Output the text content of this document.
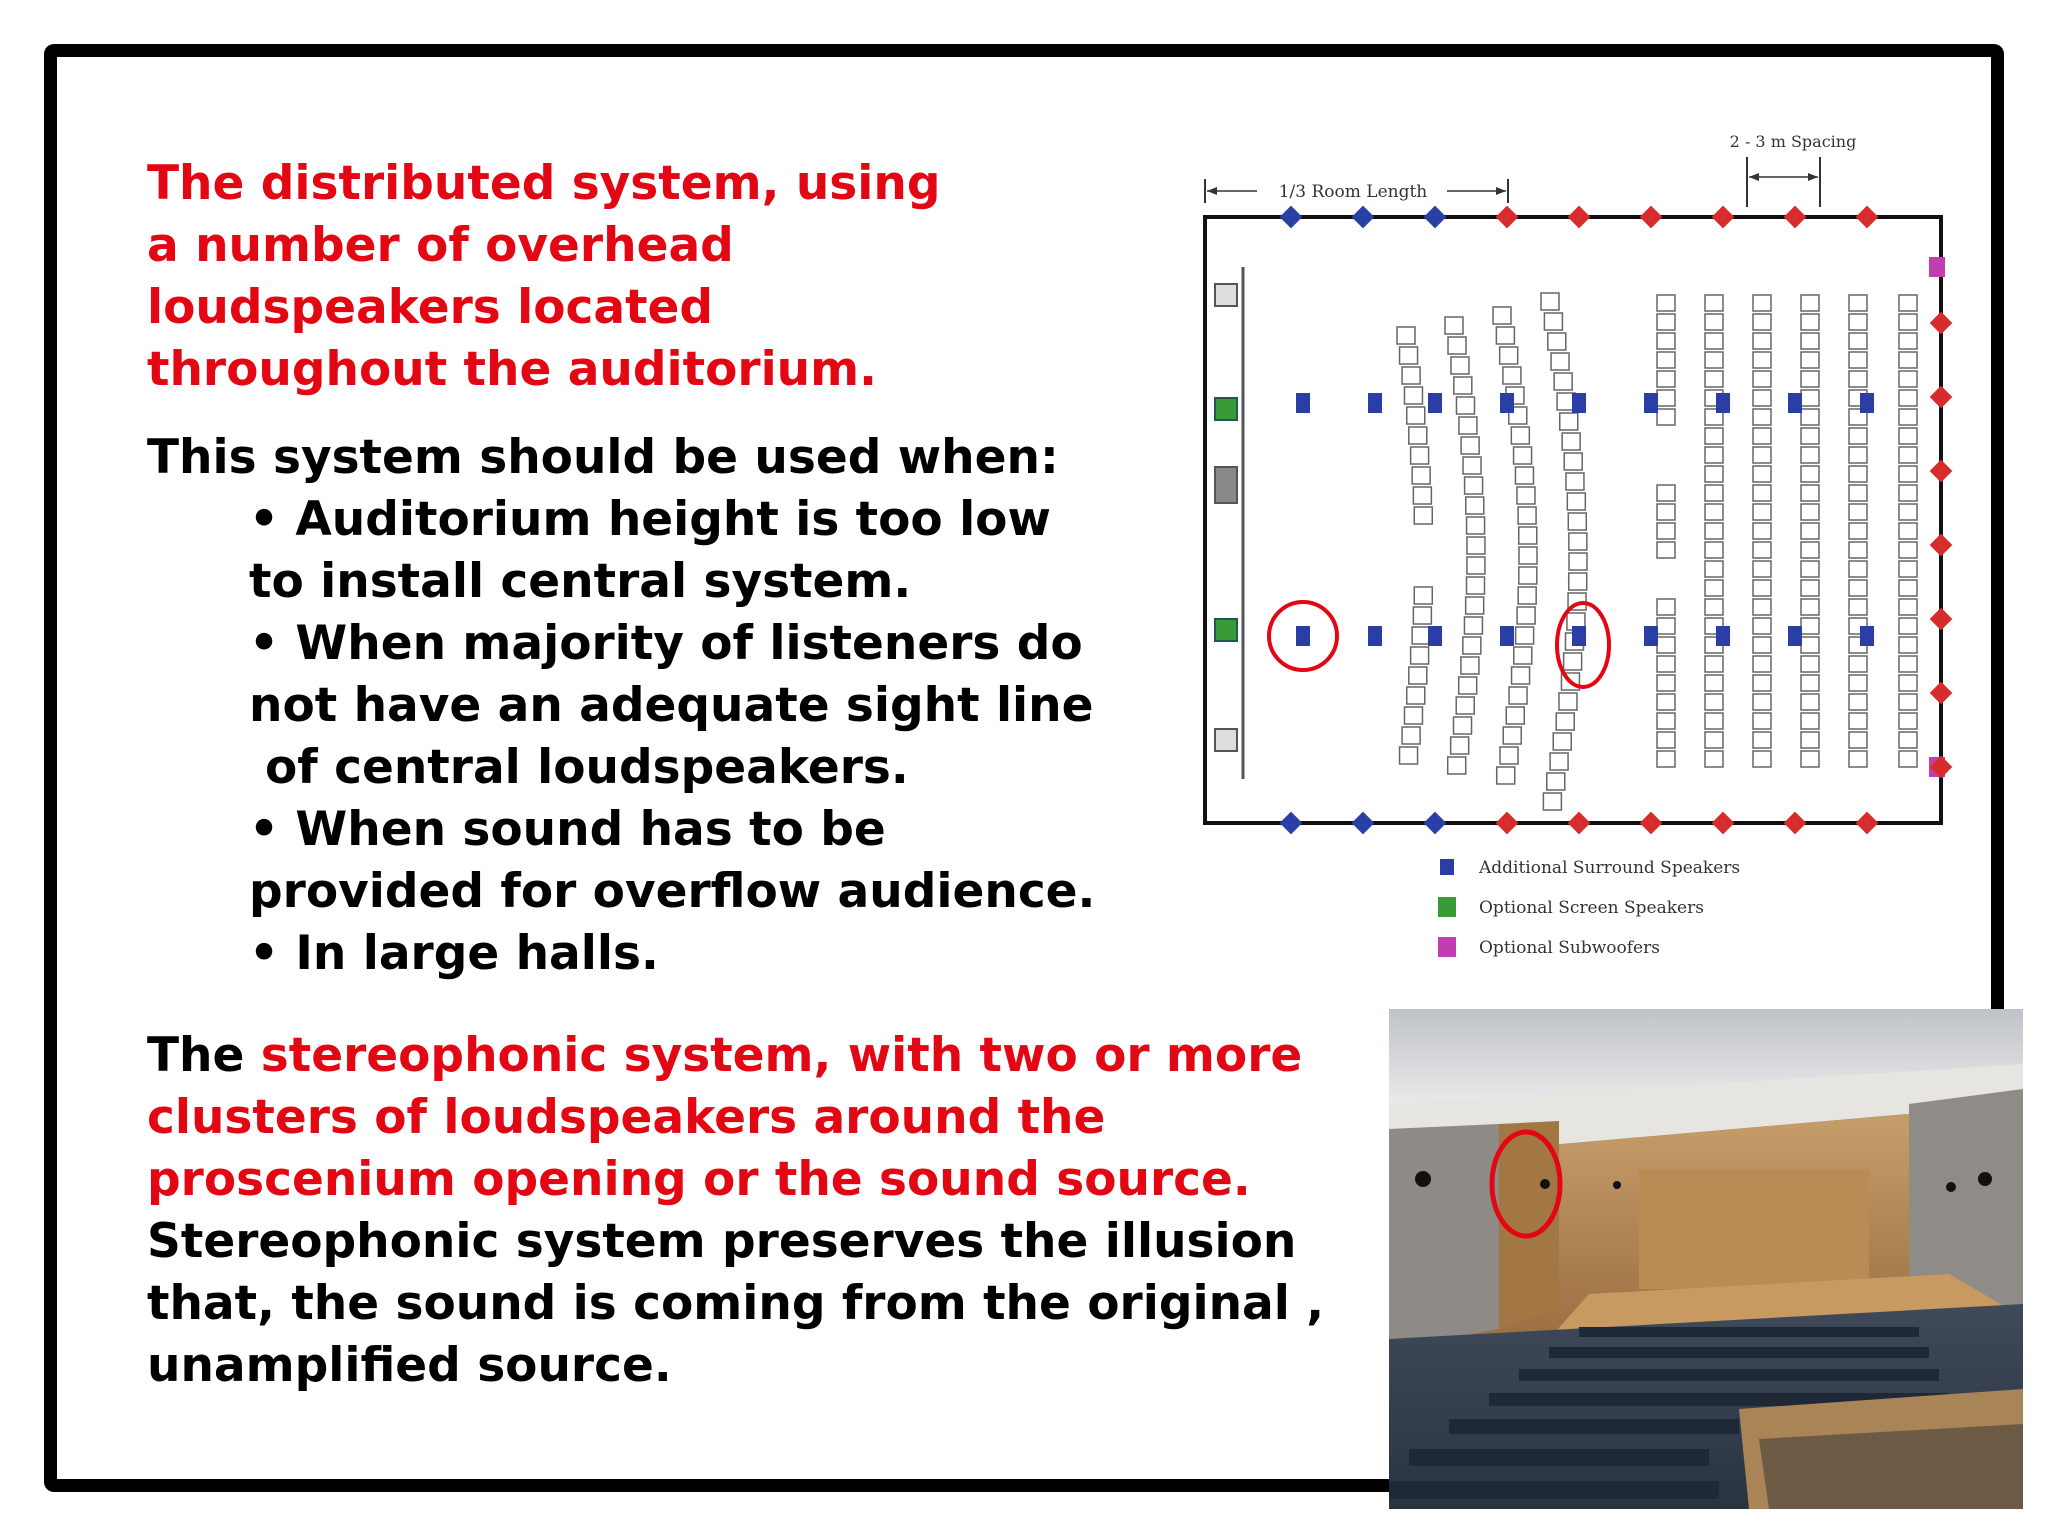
The distributed system, using
a number of overhead
loudspeakers located
throughout the auditorium.
This system should be used when:
• Auditorium height is too low
to install central system.
• When majority of listeners do
not have an adequate sight line
of central loudspeakers.
• When sound has to be
provided for overflow audience.
• In large halls.
The stereophonic system, with two or more
clusters of loudspeakers around the
proscenium opening or the sound source.
Stereophonic system preserves the illusion
that, the sound is coming from the original ,
unamplified source.
1/3 Room Length
2 - 3 m Spacing
Additional Surround Speakers
Optional Screen Speakers
Optional Subwoofers
